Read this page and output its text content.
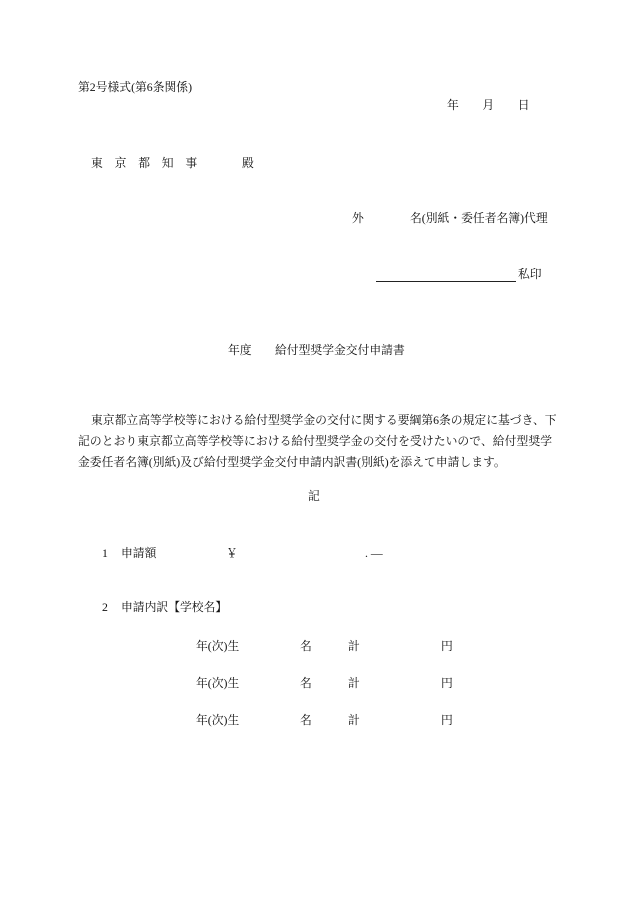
第2号様式(第6条関係)
年　　月　　日
東　京　都　知　事	殿
外	名(別紙・委任者名簿)代理
私印
年度 給付型奨学金交付申請書
東京都立高等学校等における給付型奨学金の交付に関する要綱第6条の規定に基づき、下
記のとおり東京都立高等学校等における給付型奨学金の交付を受けたいので、給付型奨学
金委任者名簿(別紙)及び給付型奨学金交付申請内訳書(別紙)を添えて申請します。
記
1 申請額	￥	. ―
2 申請内訳【学校名】
年(次)生	名	計	円
年(次)生	名	計	円
年(次)生	名	計	円
